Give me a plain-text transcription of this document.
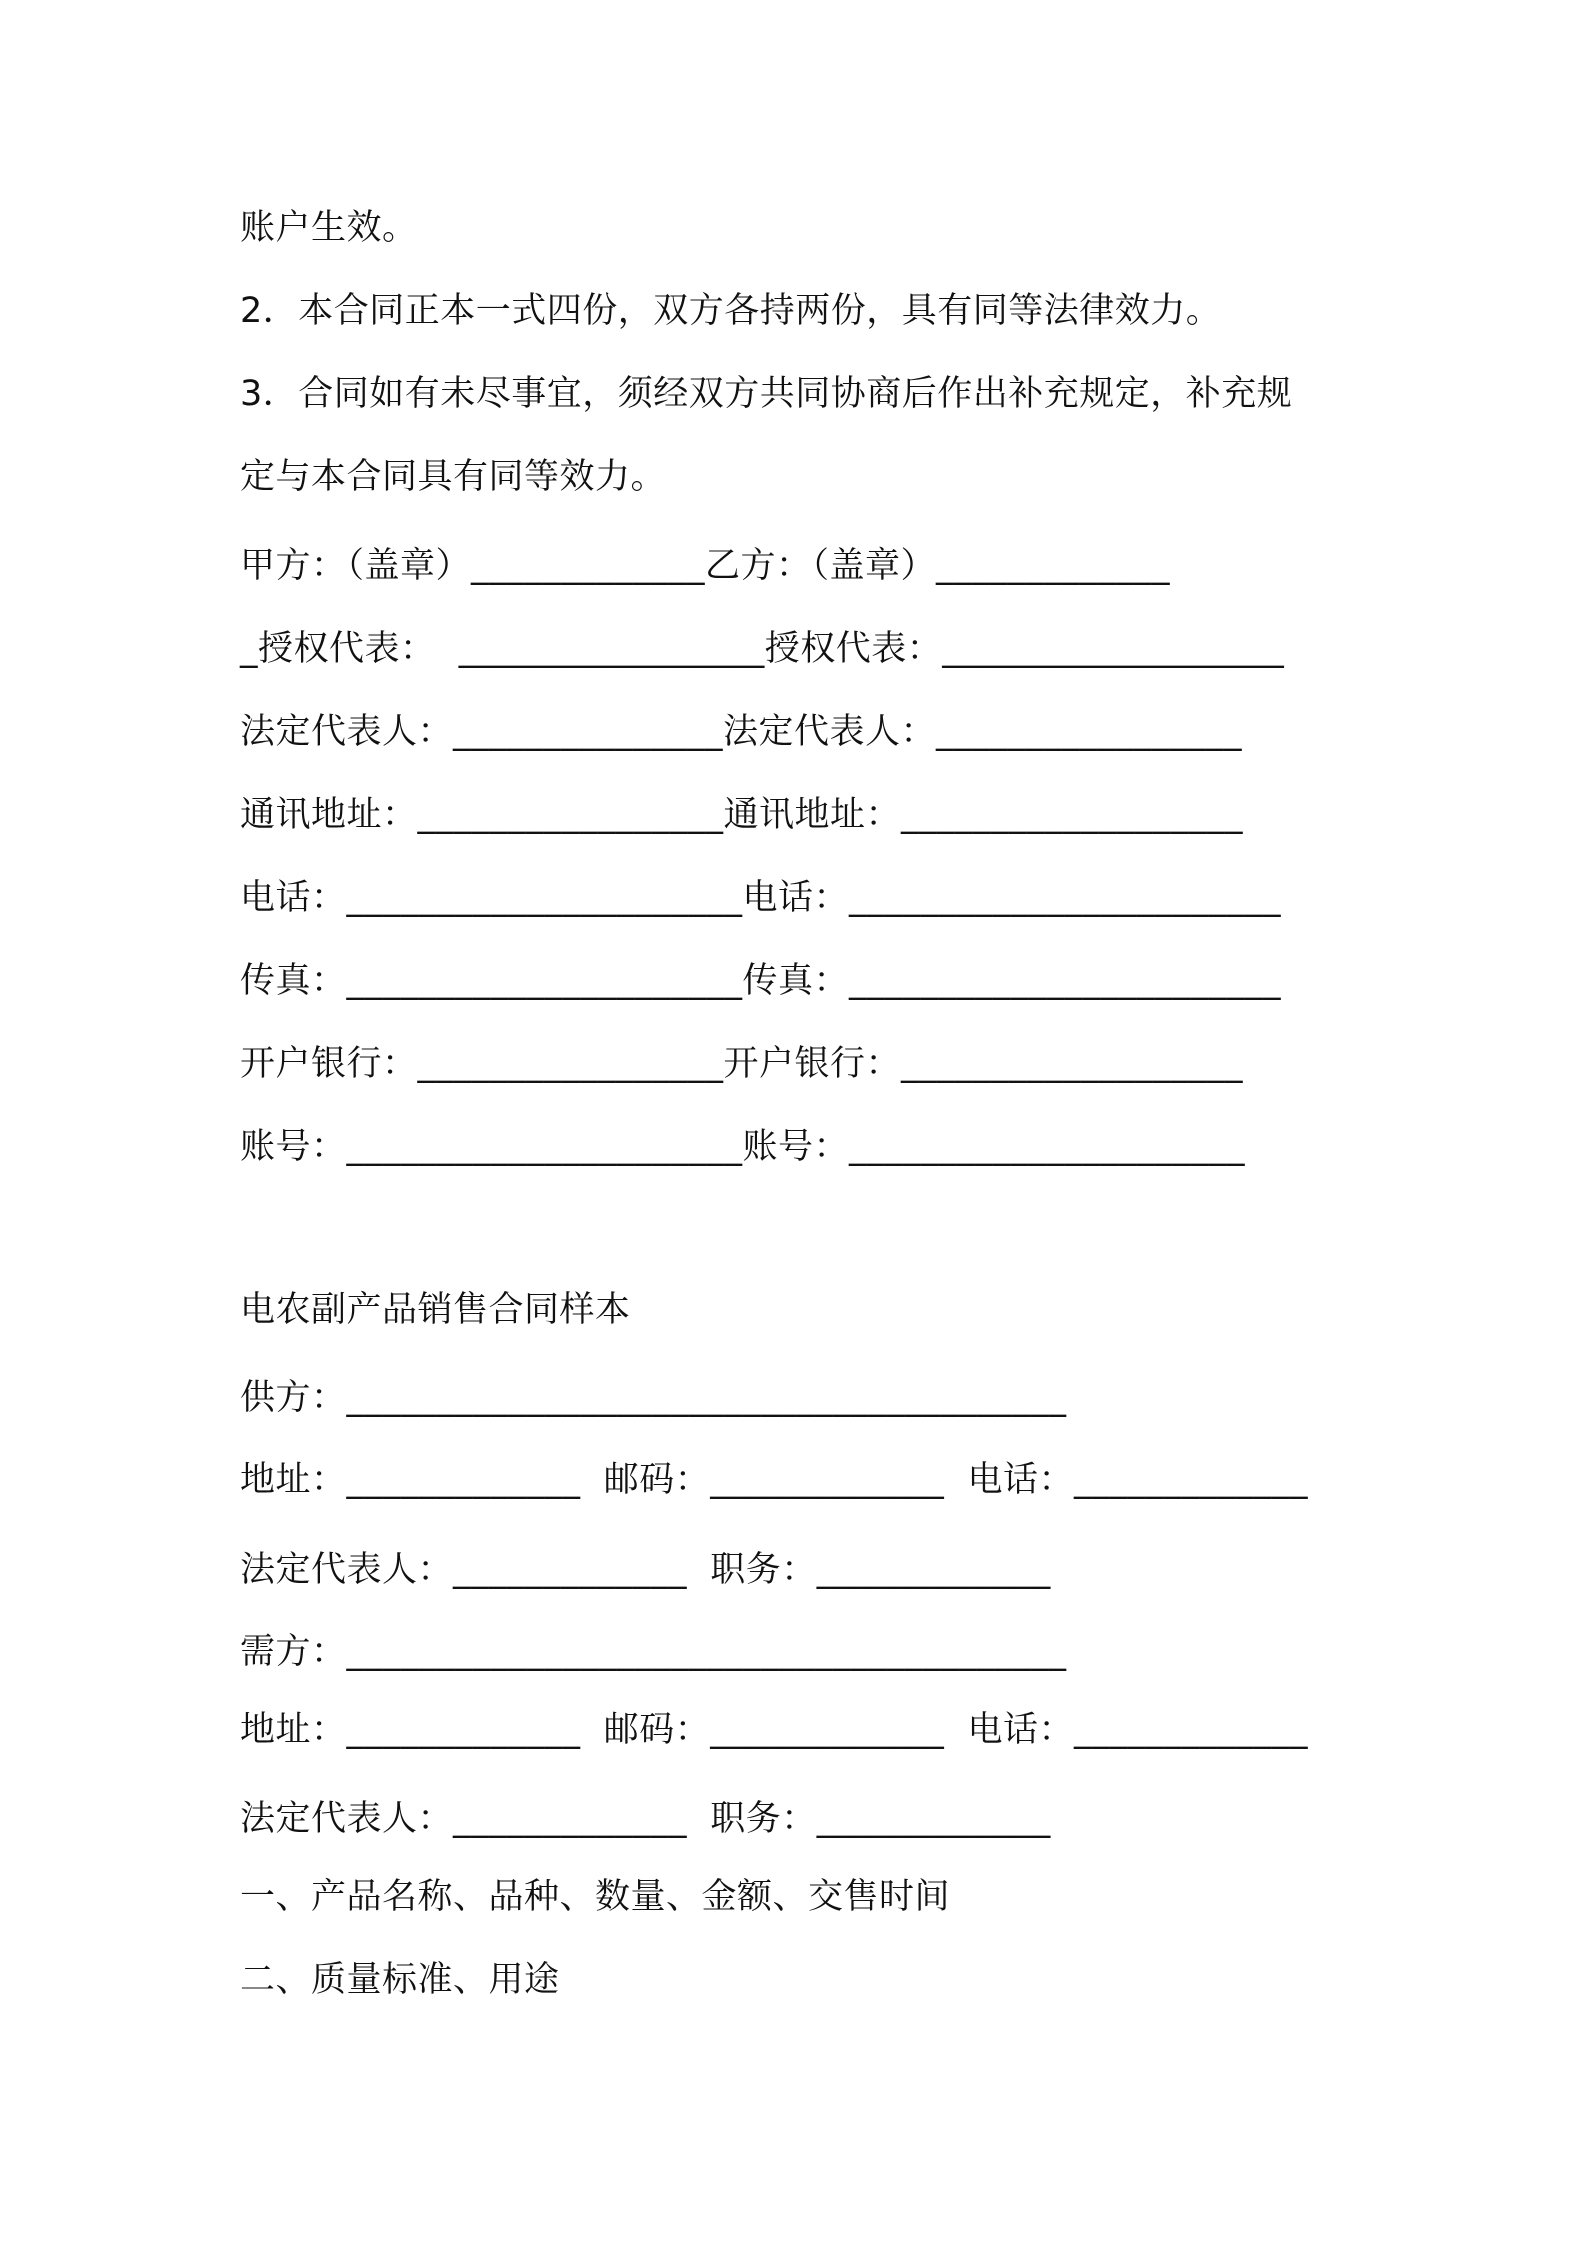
账户生效。
2．本合同正本一式四份，双方各持两份，具有同等法律效力。
3．合同如有未尽事宜，须经双方共同协商后作出补充规定，补充规
定与本合同具有同等效力。
甲方：（盖章）_____________乙方：（盖章）_____________
_授权代表：  _________________授权代表：___________________
法定代表人：_______________法定代表人：_________________
通讯地址：_________________通讯地址：___________________
电话：______________________电话：________________________
传真：______________________传真：________________________
开户银行：_________________开户银行：___________________
账号：______________________账号：______________________
电农副产品销售合同样本
供方：________________________________________
地址：_____________  邮码：_____________  电话：_____________
法定代表人：_____________  职务：_____________
需方：________________________________________
地址：_____________  邮码：_____________  电话：_____________
法定代表人：_____________  职务：_____________
一、产品名称、品种、数量、金额、交售时间
二、质量标准、用途
